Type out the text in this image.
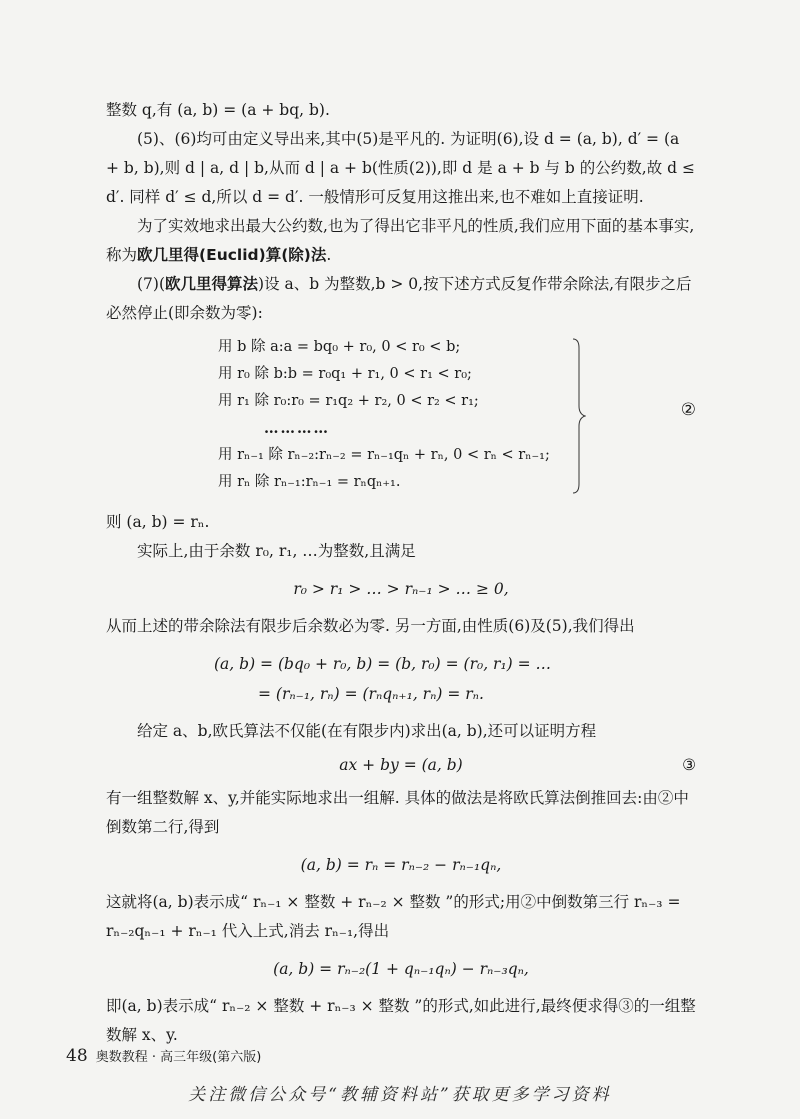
整数 q,有 (a, b) = (a + bq, b).

(5)、(6)均可由定义导出来,其中(5)是平凡的. 为证明(6),设 d = (a, b), d′ = (a + b, b),则 d | a, d | b,从而 d | a + b(性质(2)),即 d 是 a + b 与 b 的公约数,故 d ≤ d′. 同样 d′ ≤ d,所以 d = d′. 一般情形可反复用这推出来,也不难如上直接证明.

为了实效地求出最大公约数,也为了得出它非平凡的性质,我们应用下面的基本事实,称为欧几里得(Euclid)算(除)法.

(7)(欧几里得算法)设 a、b 为整数,b > 0,按下述方式反复作带余除法,有限步之后必然停止(即余数为零):

用 b 除 a:a = bq₀ + r₀, 0 < r₀ < b;
用 r₀ 除 b:b = r₀q₁ + r₁, 0 < r₁ < r₀;
用 r₁ 除 r₀:r₀ = r₁q₂ + r₂, 0 < r₂ < r₁;
…………
用 rₙ₋₁ 除 rₙ₋₂:rₙ₋₂ = rₙ₋₁qₙ + rₙ, 0 < rₙ < rₙ₋₁;
用 rₙ 除 rₙ₋₁:rₙ₋₁ = rₙqₙ₊₁.
②

则 (a, b) = rₙ.

实际上,由于余数 r₀, r₁, …为整数,且满足

r₀ > r₁ > … > rₙ₋₁ > … ≥ 0,

从而上述的带余除法有限步后余数必为零. 另一方面,由性质(6)及(5),我们得出

(a, b) = (bq₀ + r₀, b) = (b, r₀) = (r₀, r₁) = …
= (rₙ₋₁, rₙ) = (rₙqₙ₊₁, rₙ) = rₙ.

给定 a、b,欧氏算法不仅能(在有限步内)求出(a, b),还可以证明方程

ax + by = (a, b)	③

有一组整数解 x、y,并能实际地求出一组解. 具体的做法是将欧氏算法倒推回去:由②中倒数第二行,得到

(a, b) = rₙ = rₙ₋₂ − rₙ₋₁qₙ,

这就将(a, b)表示成“ rₙ₋₁ × 整数 + rₙ₋₂ × 整数 ”的形式;用②中倒数第三行 rₙ₋₃ = rₙ₋₂qₙ₋₁ + rₙ₋₁ 代入上式,消去 rₙ₋₁,得出

(a, b) = rₙ₋₂(1 + qₙ₋₁qₙ) − rₙ₋₃qₙ,

即(a, b)表示成“ rₙ₋₂ × 整数 + rₙ₋₃ × 整数 ”的形式,如此进行,最终便求得③的一组整数解 x、y.

48 奥数教程 · 高三年级(第六版)
关注微信公众号“教辅资料站”获取更多学习资料
